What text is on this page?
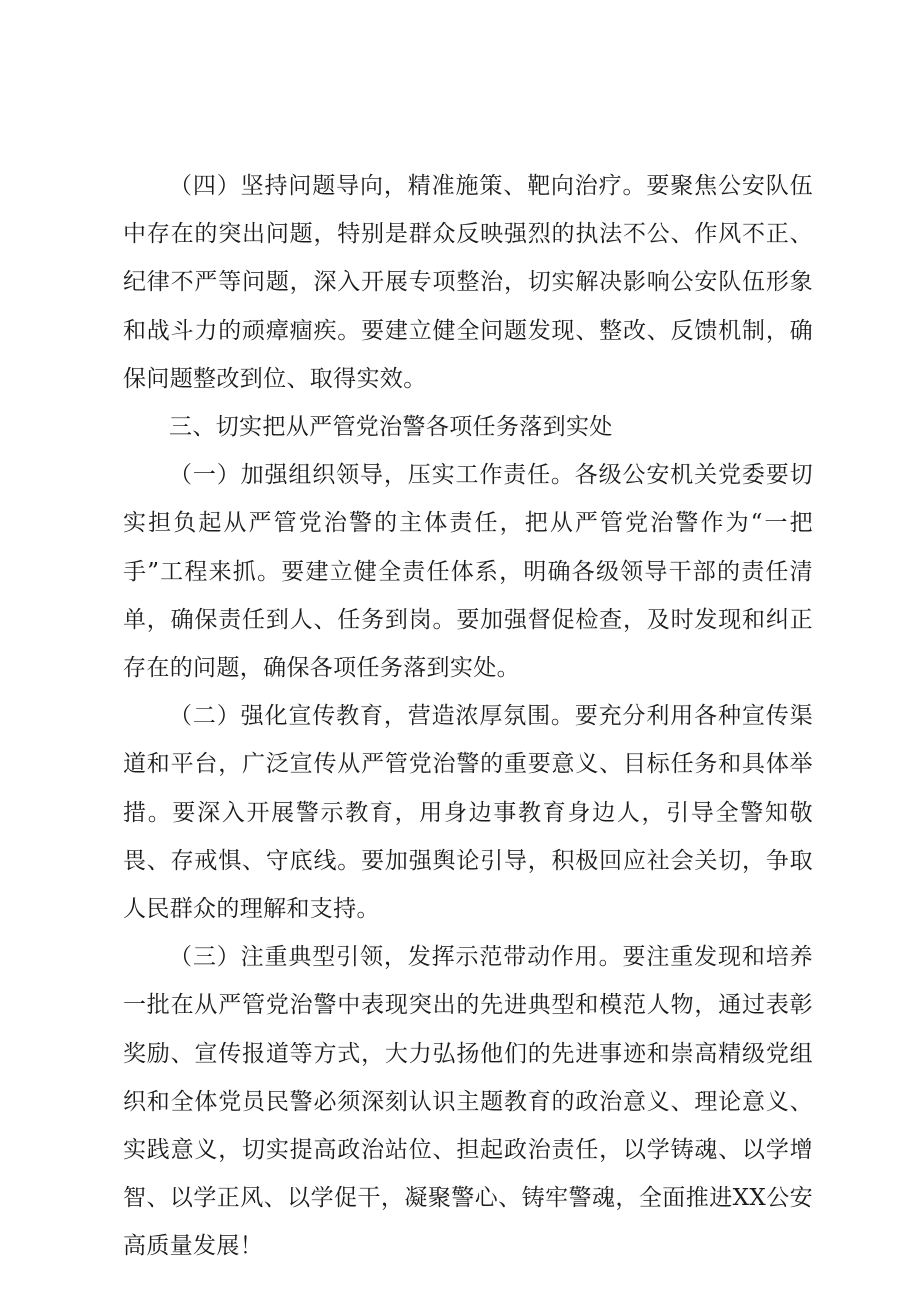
（四）坚持问题导向，精准施策、靶向治疗。要聚焦公安队伍中存在的突出问题，特别是群众反映强烈的执法不公、作风不正、纪律不严等问题，深入开展专项整治，切实解决影响公安队伍形象和战斗力的顽瘴痼疾。要建立健全问题发现、整改、反馈机制，确保问题整改到位、取得实效。

三、切实把从严管党治警各项任务落到实处

（一）加强组织领导，压实工作责任。各级公安机关党委要切实担负起从严管党治警的主体责任，把从严管党治警作为“一把手”工程来抓。要建立健全责任体系，明确各级领导干部的责任清单，确保责任到人、任务到岗。要加强督促检查，及时发现和纠正存在的问题，确保各项任务落到实处。

（二）强化宣传教育，营造浓厚氛围。要充分利用各种宣传渠道和平台，广泛宣传从严管党治警的重要意义、目标任务和具体举措。要深入开展警示教育，用身边事教育身边人，引导全警知敬畏、存戒惧、守底线。要加强舆论引导，积极回应社会关切，争取人民群众的理解和支持。

（三）注重典型引领，发挥示范带动作用。要注重发现和培养一批在从严管党治警中表现突出的先进典型和模范人物，通过表彰奖励、宣传报道等方式，大力弘扬他们的先进事迹和崇高精级党组织和全体党员民警必须深刻认识主题教育的政治意义、理论意义、实践意义，切实提高政治站位、担起政治责任，以学铸魂、以学增智、以学正风、以学促干，凝聚警心、铸牢警魂，全面推进XX公安高质量发展！
